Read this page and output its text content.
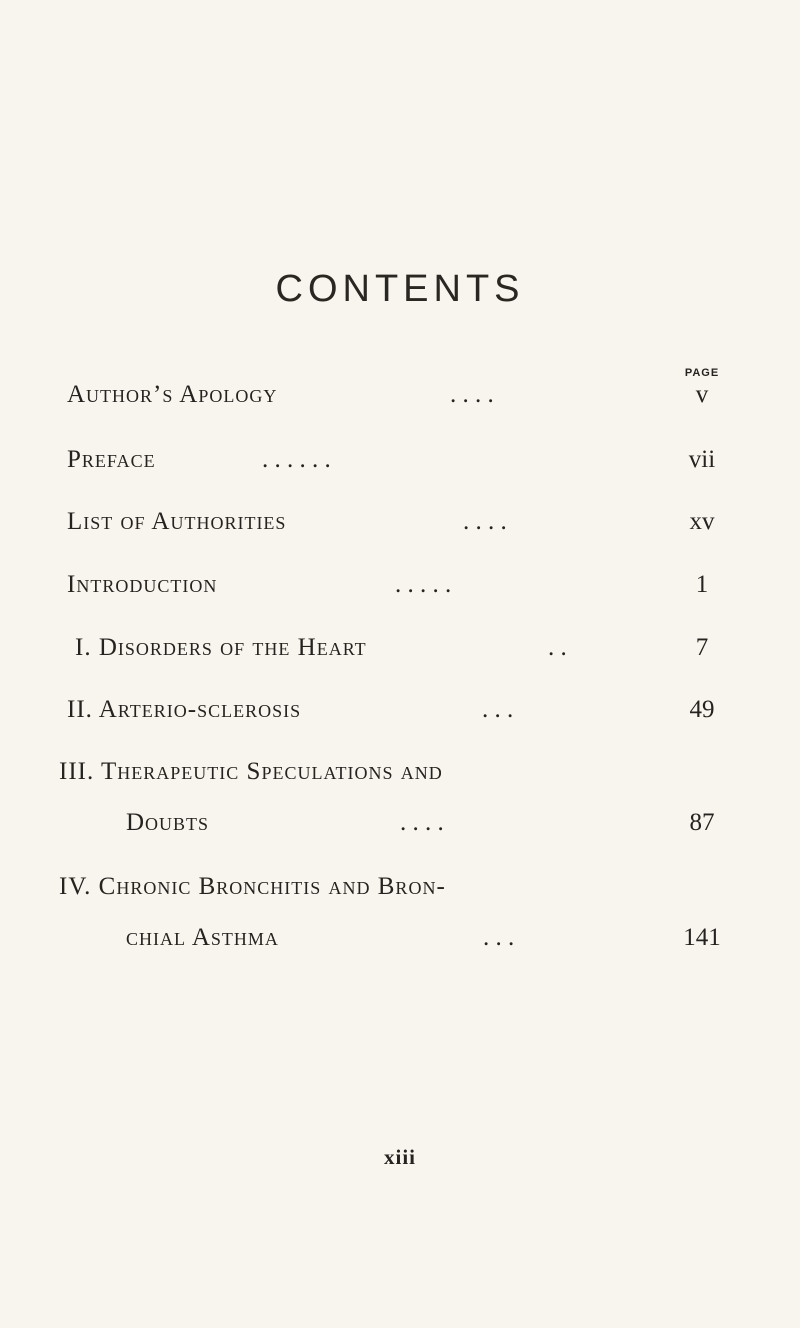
CONTENTS
PAGE
Author’s Apology	. . . .	v
Preface	. . . . . .	vii
List of Authorities	. . . .	xv
Introduction	. . . . .	1
I. Disorders of the Heart	. .	7
II. Arterio-sclerosis	. . .	49
III. Therapeutic Speculations and
Doubts	. . . .	87
IV. Chronic Bronchitis and Bron-
chial Asthma	. . .	141
xiii
